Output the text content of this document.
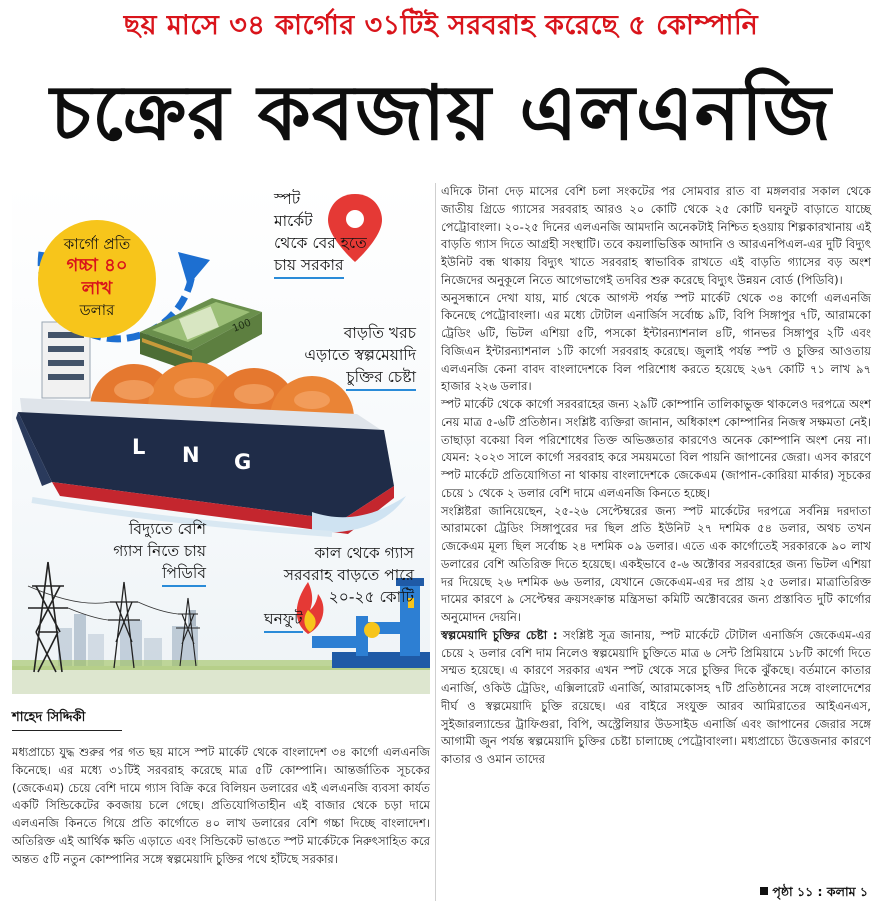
ছয় মাসে ৩৪ কার্গোর ৩১টিই সরবরাহ করেছে ৫ কোম্পানি
চক্রের কবজায় এলএনজি
100
L N G
কার্গো প্রতি
গচ্চা ৪০
লাখ
ডলার
স্পট
মার্কেট
থেকে বের হতে
চায় সরকার
বাড়তি খরচ
এড়াতে স্বল্পমেয়াদি
চুক্তির চেষ্টা
বিদ্যুতে বেশি
গ্যাস নিতে চায়
পিডিবি
কাল থেকে গ্যাস
সরবরাহ বাড়তে পারে
২০-২৫ কোটি
ঘনফুট
শাহেদ সিদ্দিকী

মধ্যপ্রাচ্যে যুদ্ধ শুরুর পর গত ছয় মাসে স্পট মার্কেট থেকে বাংলাদেশ ৩৪ কার্গো এলএনজি কিনেছে। এর মধ্যে ৩১টিই সরবরাহ করেছে মাত্র ৫টি কোম্পানি। আন্তর্জাতিক সূচকের (জেকেএম) চেয়ে বেশি দামে গ্যাস বিক্রি করে বিলিয়ন ডলারের এই এলএনজি ব্যবসা কার্যত একটি সিন্ডিকেটের কবজায় চলে গেছে। প্রতিযোগিতাহীন এই বাজার থেকে চড়া দামে এলএনজি কিনতে গিয়ে প্রতি কার্গোতে ৪০ লাখ ডলারের বেশি গচ্চা দিচ্ছে বাংলাদেশ। অতিরিক্ত এই আর্থিক ক্ষতি এড়াতে এবং সিন্ডিকেট ভাঙতে স্পট মার্কেটকে নিরুৎসাহিত করে অন্তত ৫টি নতুন কোম্পানির সঙ্গে স্বল্পমেয়াদি চুক্তির পথে হাঁটছে সরকার।

এদিকে টানা দেড় মাসের বেশি চলা সংকটের পর সোমবার রাত বা মঙ্গলবার সকাল থেকে জাতীয় গ্রিডে গ্যাসের সরবরাহ আরও ২০ কোটি থেকে ২৫ কোটি ঘনফুট বাড়াতে যাচ্ছে পেট্রোবাংলা। ২০-২৫ দিনের এলএনজি আমদানি অনেকটাই নিশ্চিত হওয়ায় শিল্পকারখানায় এই বাড়তি গ্যাস দিতে আগ্রহী সংস্থাটি। তবে কয়লাভিত্তিক আদানি ও আরএনপিএল-এর দুটি বিদ্যুৎ ইউনিট বন্ধ থাকায় বিদ্যুৎ খাতে সরবরাহ স্বাভাবিক রাখতে এই বাড়তি গ্যাসের বড় অংশ নিজেদের অনুকূলে নিতে আগেভাগেই তদবির শুরু করেছে বিদ্যুৎ উন্নয়ন বোর্ড (পিডিবি)।

অনুসন্ধানে দেখা যায়, মার্চ থেকে আগস্ট পর্যন্ত স্পট মার্কেট থেকে ৩৪ কার্গো এলএনজি কিনেছে পেট্রোবাংলা। এর মধ্যে টোটাল এনার্জিস সর্বোচ্চ ৯টি, বিপি সিঙ্গাপুর ৭টি, আরামকো ট্রেডিং ৬টি, ভিটল এশিয়া ৫টি, পসকো ইন্টারন্যাশনাল ৪টি, গানভর সিঙ্গাপুর ২টি এবং বিজিএন ইন্টারন্যাশনাল ১টি কার্গো সরবরাহ করেছে। জুলাই পর্যন্ত স্পট ও চুক্তির আওতায় এলএনজি কেনা বাবদ বাংলাদেশকে বিল পরিশোধ করতে হয়েছে ২৬৭ কোটি ৭১ লাখ ৯৭ হাজার ২২৬ ডলার।

স্পট মার্কেট থেকে কার্গো সরবরাহের জন্য ২৯টি কোম্পানি তালিকাভুক্ত থাকলেও দরপত্রে অংশ নেয় মাত্র ৫-৬টি প্রতিষ্ঠান। সংশ্লিষ্ট ব্যক্তিরা জানান, অধিকাংশ কোম্পানির নিজস্ব সক্ষমতা নেই। তাছাড়া বকেয়া বিল পরিশোধের তিক্ত অভিজ্ঞতার কারণেও অনেক কোম্পানি অংশ নেয় না। যেমন: ২০২৩ সালে কার্গো সরবরাহ করে সময়মতো বিল পায়নি জাপানের জেরা। এসব কারণে স্পট মার্কেটে প্রতিযোগিতা না থাকায় বাংলাদেশকে জেকেএম (জাপান-কোরিয়া মার্কার) সূচকের চেয়ে ১ থেকে ২ ডলার বেশি দামে এলএনজি কিনতে হচ্ছে।

সংশ্লিষ্টরা জানিয়েছেন, ২৫-২৬ সেপ্টেম্বরের জন্য স্পট মার্কেটের দরপত্রে সর্বনিম্ন দরদাতা আরামকো ট্রেডিং সিঙ্গাপুরের দর ছিল প্রতি ইউনিট ২৭ দশমিক ৫৪ ডলার, অথচ তখন জেকেএম মূল্য ছিল সর্বোচ্চ ২৪ দশমিক ০৯ ডলার। এতে এক কার্গোতেই সরকারকে ৯০ লাখ ডলারের বেশি অতিরিক্ত দিতে হয়েছে। একইভাবে ৫-৬ অক্টোবর সরবরাহের জন্য ভিটল এশিয়া দর দিয়েছে ২৬ দশমিক ৬৬ ডলার, যেখানে জেকেএম-এর দর প্রায় ২৫ ডলার। মাত্রাতিরিক্ত দামের কারণে ৯ সেপ্টেম্বর ক্রয়সংক্রান্ত মন্ত্রিসভা কমিটি অক্টোবরের জন্য প্রস্তাবিত দুটি কার্গোর অনুমোদন দেয়নি।

স্বল্পমেয়াদি চুক্তির চেষ্টা : সংশ্লিষ্ট সূত্র জানায়, স্পট মার্কেটে টোটাল এনার্জিস জেকেএম-এর চেয়ে ২ ডলার বেশি দাম নিলেও স্বল্পমেয়াদি চুক্তিতে মাত্র ৬ সেন্ট প্রিমিয়ামে ১৮টি কার্গো দিতে সম্মত হয়েছে। এ কারণে সরকার এখন স্পট থেকে সরে চুক্তির দিকে ঝুঁকছে। বর্তমানে কাতার এনার্জি, ওকিউ ট্রেডিং, এক্সিলারেট এনার্জি, আরামকোসহ ৭টি প্রতিষ্ঠানের সঙ্গে বাংলাদেশের দীর্ঘ ও স্বল্পমেয়াদি চুক্তি রয়েছে। এর বাইরে সংযুক্ত আরব আমিরাতের আইএনএস, সুইজারল্যান্ডের ট্রাফিগুরা, বিপি, অস্ট্রেলিয়ার উডসাইড এনার্জি এবং জাপানের জেরার সঙ্গে আগামী জুন পর্যন্ত স্বল্পমেয়াদি চুক্তির চেষ্টা চালাচ্ছে পেট্রোবাংলা। মধ্যপ্রাচ্যে উত্তেজনার কারণে কাতার ও ওমান তাদের

পৃষ্ঠা ১১ : কলাম ১
